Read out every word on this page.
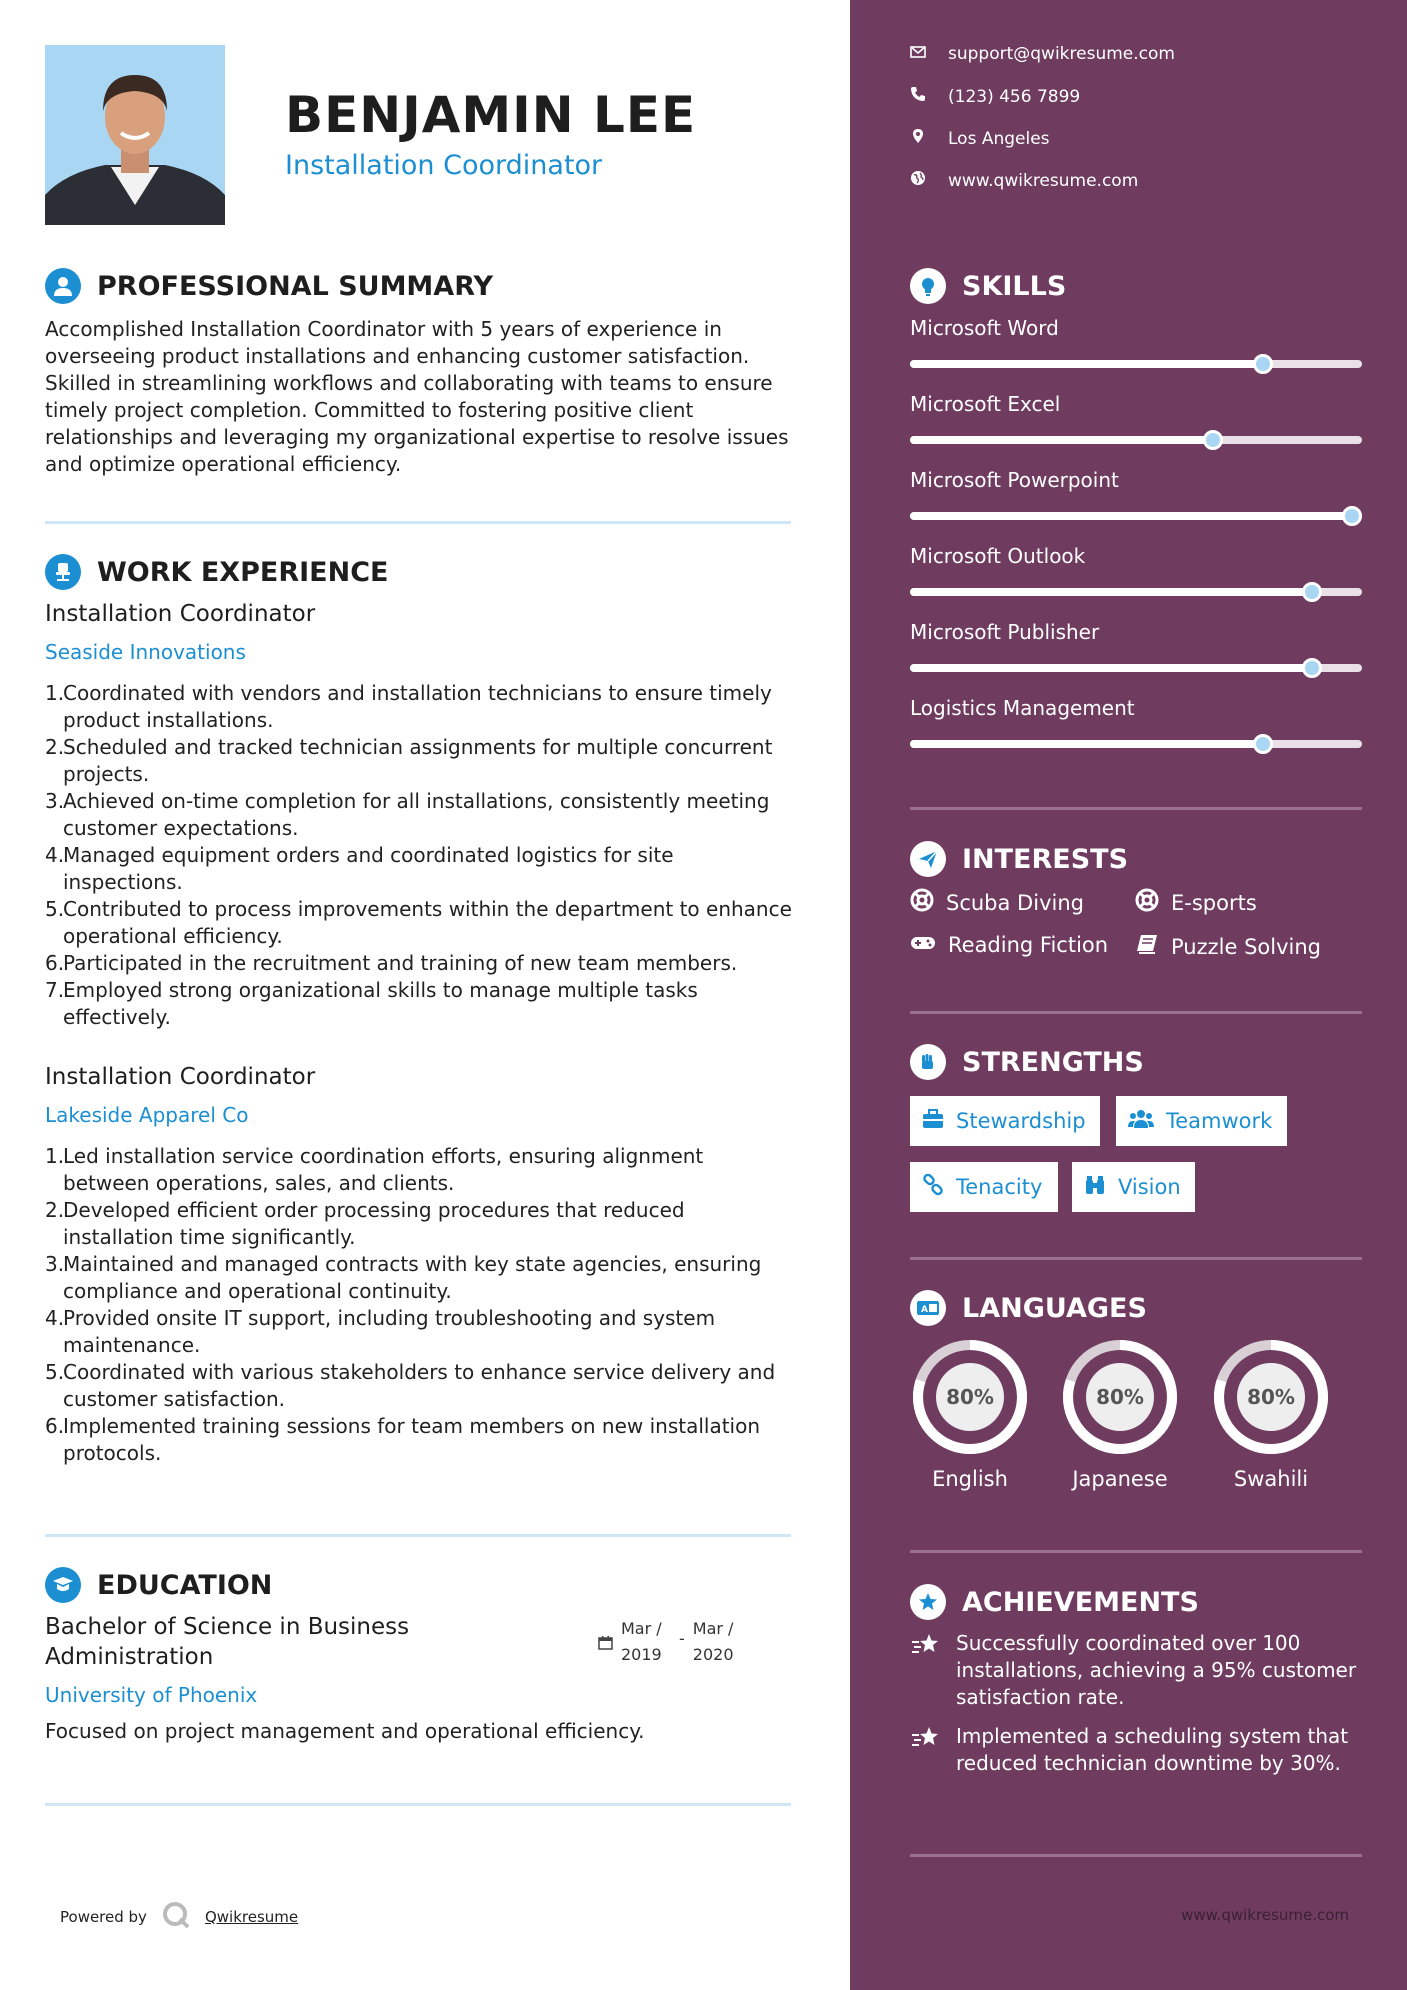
BENJAMIN LEE
Installation Coordinator
PROFESSIONAL SUMMARY
Accomplished Installation Coordinator with 5 years of experience in overseeing product installations and enhancing customer satisfaction. Skilled in streamlining workflows and collaborating with teams to ensure timely project completion. Committed to fostering positive client relationships and leveraging my organizational expertise to resolve issues and optimize operational efficiency.
WORK EXPERIENCE
Installation Coordinator
Seaside Innovations
1.
Coordinated with vendors and installation technicians to ensure timely product installations.
2.
Scheduled and tracked technician assignments for multiple concurrent projects.
3.
Achieved on-time completion for all installations, consistently meeting customer expectations.
4.
Managed equipment orders and coordinated logistics for site inspections.
5.
Contributed to process improvements within the department to enhance operational efficiency.
6.
Participated in the recruitment and training of new team members.
7.
Employed strong organizational skills to manage multiple tasks effectively.
Installation Coordinator
Lakeside Apparel Co
1.
Led installation service coordination efforts, ensuring alignment between operations, sales, and clients.
2.
Developed efficient order processing procedures that reduced installation time significantly.
3.
Maintained and managed contracts with key state agencies, ensuring compliance and operational continuity.
4.
Provided onsite IT support, including troubleshooting and system maintenance.
5.
Coordinated with various stakeholders to enhance service delivery and customer satisfaction.
6.
Implemented training sessions for team members on new installation protocols.
EDUCATION
Bachelor of Science in Business
Administration
Mar /
2019
-
Mar /
2020
University of Phoenix
Focused on project management and operational efficiency.
Powered by	Qwikresume
support@qwikresume.com
(123) 456 7899
Los Angeles
www.qwikresume.com
SKILLS
Microsoft Word
Microsoft Excel
Microsoft Powerpoint
Microsoft Outlook
Microsoft Publisher
Logistics Management
INTERESTS
Scuba Diving	E-sports
Reading Fiction	Puzzle Solving
STRENGTHS
Stewardship	Teamwork
Tenacity	Vision
A LANGUAGES
80%
English
80%
Japanese
80%
Swahili
ACHIEVEMENTS
Successfully coordinated over 100 installations, achieving a 95% customer satisfaction rate.
Implemented a scheduling system that reduced technician downtime by 30%.
www.qwikresume.com
